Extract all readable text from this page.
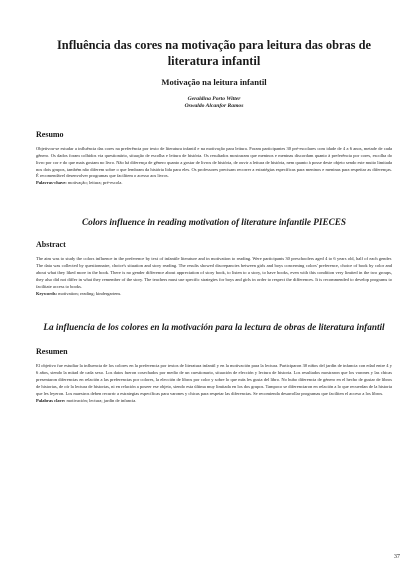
Influência das cores na motivação para leitura das obras de literatura infantil
Motivação na leitura infantil
Geraldina Porto Witter
Oswaldo Alcanfor Ramos
Resumo

Objetivou-se estudar a influência das cores na preferência por texto de literatura infantil e na motivação para leitura. Foram participantes 30 pré-escolares com idade de 4 a 6 anos, metade de cada gênero. Os dados foram colhidos via questionário, situação de escolha e leitura de história. Os resultados mostraram que meninos e meninas discordam quanto à preferência por cores, escolha do livro por cor e do que mais gostam no livro. Não há diferença de gênero quanto a gostar de livros de história, de ouvir a leitura de história, nem quanto à posse deste objeto sendo este muito limitada nos dois grupos, também não diferem sobre o que lembram da história lida para eles. Os professores precisam recorrer a estratégias específicas para meninos e meninas para respeitar as diferenças. É recomendável desenvolver programas que facilitem o acesso aos livros.

Palavras-chave: motivação; leitura; pré-escola.

Colors influence in reading motivation of literature infantile PIECES
Abstract

The aim was to study the colors influence in the preference by text of infantile literature and in motivation to reading. Were participants 30 preschoolers aged 4 to 6 years old, half of each gender. The data was collected by questionnaire, choice's situation and story reading. The results showed discrepancies between girls and boys concerning colors' preference, choice of book by color and about what they liked more in the book. There is no gender difference about appreciation of story book, to listen to a story, to have books, even with this condition very limited in the two groups, they also did not differ in what they remember of the story. The teachers must use specific strategies for boys and girls in order to respect the differences. It is recommended to develop programs to facilitate access to books.

Keywords: motivation; reading; kindergartens.

La influencia de los colores en la motivación para la lectura de obras de literatura infantil
Resumen

El objetivo fue estudiar la influencia de los colores en la preferencia por textos de literatura infantil y en la motivación para la lectura. Participaron 30 niños del jardín de infancia con edad entre 4 y 6 años, siendo la mitad de cada sexo. Los datos fueron cosechados por medio de un cuestionario, situación de elección y lectura de historia. Los resultados mostraron que los varones y las chicas presentaron diferencias en relación a las preferencias por colores, la elección de libros por color y sobre lo que más les gusta del libro. No hubo diferencia de género en el hecho de gustar de libros de historias, de oír la lectura de historias, ni en relación a poseer ese objeto, siendo esta última muy limitada en los dos grupos. Tampoco se diferenciaron en relación a lo que recuerdan de la historia que les leyeron. Los maestros deben recurrir a estrategias específicas para varones y chicas para respetar las diferencias. Se recomienda desarrollar programas que faciliten el acceso a los libros.

Palabras clave: motivación; lectura; jardín de infancia.

37
